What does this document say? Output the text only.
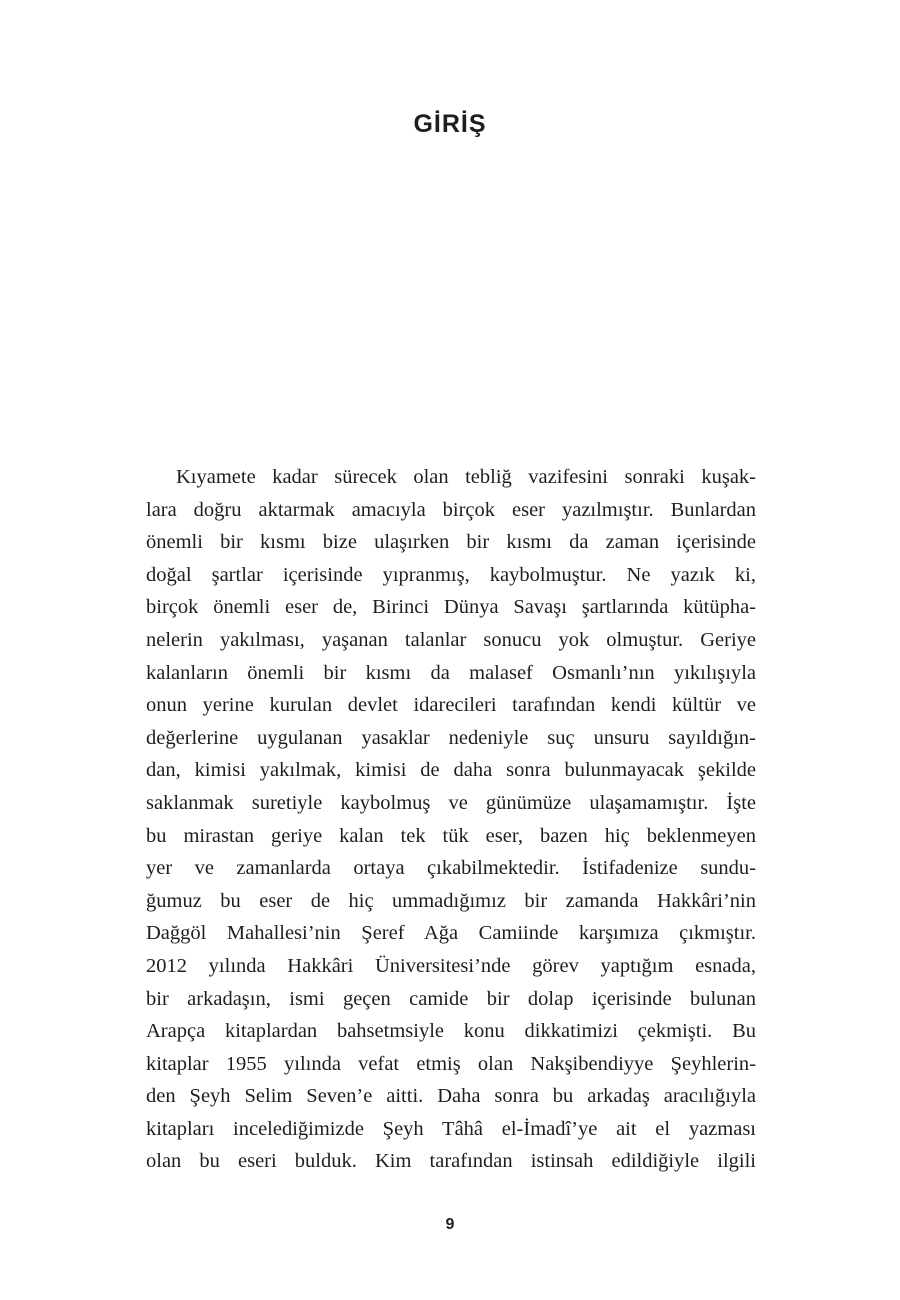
GİRİŞ
Kıyamete kadar sürecek olan tebliğ vazifesini sonraki kuşak-
lara doğru aktarmak amacıyla birçok eser yazılmıştır. Bunlardan
önemli bir kısmı bize ulaşırken bir kısmı da zaman içerisinde
doğal şartlar içerisinde yıpranmış, kaybolmuştur. Ne yazık ki,
birçok önemli eser de, Birinci Dünya Savaşı şartlarında kütüpha-
nelerin yakılması, yaşanan talanlar sonucu yok olmuştur. Geriye
kalanların önemli bir kısmı da malasef Osmanlı’nın yıkılışıyla
onun yerine kurulan devlet idarecileri tarafından kendi kültür ve
değerlerine uygulanan yasaklar nedeniyle suç unsuru sayıldığın-
dan, kimisi yakılmak, kimisi de daha sonra bulunmayacak şekilde
saklanmak suretiyle kaybolmuş ve günümüze ulaşamamıştır. İşte
bu mirastan geriye kalan tek tük eser, bazen hiç beklenmeyen
yer ve zamanlarda ortaya çıkabilmektedir. İstifadenize sundu-
ğumuz bu eser de hiç ummadığımız bir zamanda Hakkâri’nin
Dağgöl Mahallesi’nin Şeref Ağa Camiinde karşımıza çıkmıştır.
2012 yılında Hakkâri Üniversitesi’nde görev yaptığım esnada,
bir arkadaşın, ismi geçen camide bir dolap içerisinde bulunan
Arapça kitaplardan bahsetmsiyle konu dikkatimizi çekmişti. Bu
kitaplar 1955 yılında vefat etmiş olan Nakşibendiyye Şeyhlerin-
den Şeyh Selim Seven’e aitti. Daha sonra bu arkadaş aracılığıyla
kitapları incelediğimizde Şeyh Tâhâ el-İmadî’ye ait el yazması
olan bu eseri bulduk. Kim tarafından istinsah edildiğiyle ilgili
9
